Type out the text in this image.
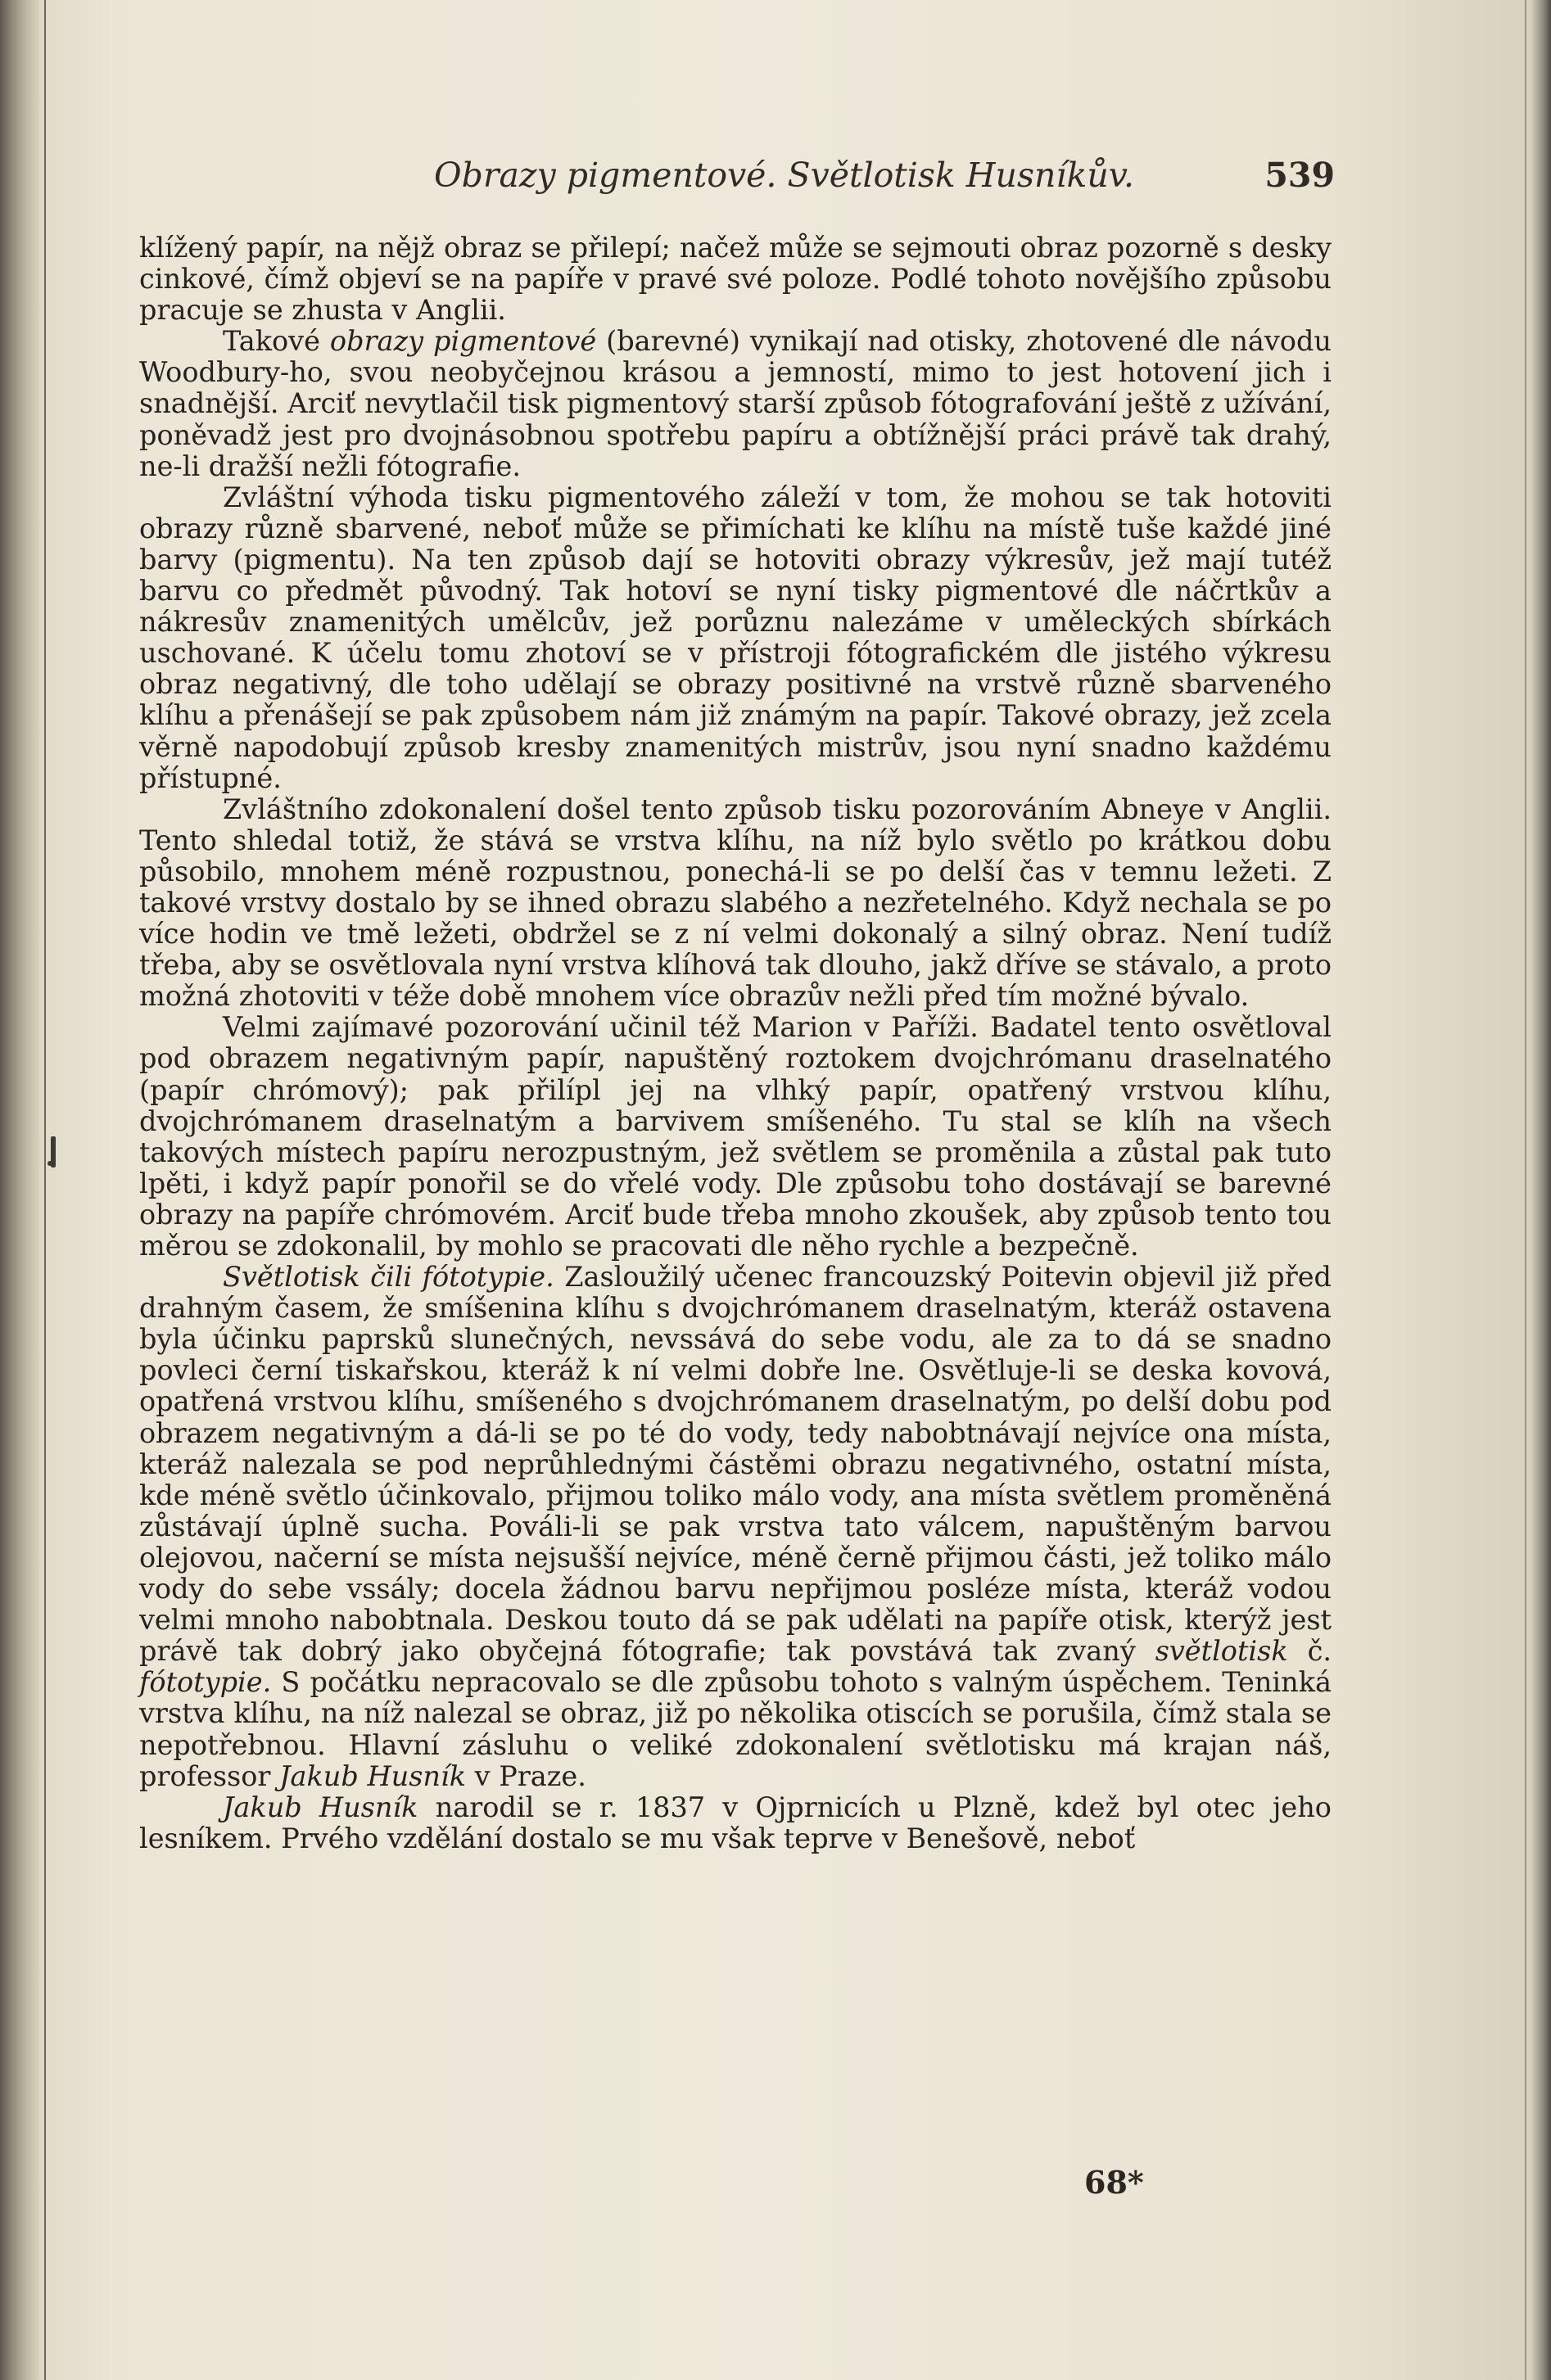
Obrazy pigmentové. Světlotisk Husníkův.	539

klížený papír, na nějž obraz se přilepí; načež může se sejmouti obraz pozorně s desky cinkové, čímž objeví se na papíře v pravé své poloze. Podlé tohoto novějšího způsobu pracuje se zhusta v Anglii.

Takové obrazy pigmentové (barevné) vynikají nad otisky, zhotovené dle návodu Woodbury-ho, svou neobyčejnou krásou a jemností, mimo to jest hotovení jich i snadnější. Arciť nevytlačil tisk pigmentový starší způsob fótografování ještě z užívání, poněvadž jest pro dvojnásobnou spotřebu papíru a obtížnější práci právě tak drahý, ne-li dražší nežli fótografie.

Zvláštní výhoda tisku pigmentového záleží v tom, že mohou se tak hotoviti obrazy různě sbarvené, neboť může se přimíchati ke klíhu na místě tuše každé jiné barvy (pigmentu). Na ten způsob dají se hotoviti obrazy výkresův, jež mají tutéž barvu co předmět původný. Tak hotoví se nyní tisky pigmentové dle náčrtkův a nákresův znamenitých umělcův, jež porůznu nalezáme v uměleckých sbírkách uschované. K účelu tomu zhotoví se v přístroji fótografickém dle jistého výkresu obraz negativný, dle toho udělají se obrazy positivné na vrstvě různě sbarveného klíhu a přenášejí se pak způsobem nám již známým na papír. Takové obrazy, jež zcela věrně napodobují způsob kresby znamenitých mistrův, jsou nyní snadno každému přístupné.

Zvláštního zdokonalení došel tento způsob tisku pozorováním Abneye v Anglii. Tento shledal totiž, že stává se vrstva klíhu, na níž bylo světlo po krátkou dobu působilo, mnohem méně rozpustnou, ponechá-li se po delší čas v temnu ležeti. Z takové vrstvy dostalo by se ihned obrazu slabého a nezřetelného. Když nechala se po více hodin ve tmě ležeti, obdržel se z ní velmi dokonalý a silný obraz. Není tudíž třeba, aby se osvětlovala nyní vrstva klíhová tak dlouho, jakž dříve se stávalo, a proto možná zhotoviti v téže době mnohem více obrazův nežli před tím možné bývalo.

Velmi zajímavé pozorování učinil též Marion v Paříži. Badatel tento osvětloval pod obrazem negativným papír, napuštěný roztokem dvojchrómanu draselnatého (papír chrómový); pak přilípl jej na vlhký papír, opatřený vrstvou klíhu, dvojchrómanem draselnatým a barvivem smíšeného. Tu stal se klíh na všech takových místech papíru nerozpustným, jež světlem se proměnila a zůstal pak tuto lpěti, i když papír ponořil se do vřelé vody. Dle způsobu toho dostávají se barevné obrazy na papíře chrómovém. Arciť bude třeba mnoho zkoušek, aby způsob tento tou měrou se zdokonalil, by mohlo se pracovati dle něho rychle a bezpečně.

Světlotisk čili fótotypie. Zasloužilý učenec francouzský Poitevin objevil již před drahným časem, že smíšenina klíhu s dvojchrómanem draselnatým, kteráž ostavena byla účinku paprsků slunečných, nevssává do sebe vodu, ale za to dá se snadno povleci černí tiskařskou, kteráž k ní velmi dobře lne. Osvětluje-li se deska kovová, opatřená vrstvou klíhu, smíšeného s dvojchrómanem draselnatým, po delší dobu pod obrazem negativným a dá-li se po té do vody, tedy nabobtnávají nejvíce ona místa, kteráž nalezala se pod neprůhlednými částěmi obrazu negativného, ostatní místa, kde méně světlo účinkovalo, přijmou toliko málo vody, ana místa světlem proměněná zůstávají úplně sucha. Pováli-li se pak vrstva tato válcem, napuštěným barvou olejovou, načerní se místa nejsušší nejvíce, méně černě přijmou části, jež toliko málo vody do sebe vssály; docela žádnou barvu nepřijmou posléze místa, kteráž vodou velmi mnoho nabobtnala. Deskou touto dá se pak udělati na papíře otisk, kterýž jest právě tak dobrý jako obyčejná fótografie; tak povstává tak zvaný světlotisk č. fótotypie. S počátku nepracovalo se dle způsobu tohoto s valným úspěchem. Teninká vrstva klíhu, na níž nalezal se obraz, již po několika otiscích se porušila, čímž stala se nepotřebnou. Hlavní zásluhu o veliké zdokonalení světlotisku má krajan náš, professor Jakub Husník v Praze.

Jakub Husník narodil se r. 1837 v Ojprnicích u Plzně, kdež byl otec jeho lesníkem. Prvého vzdělání dostalo se mu však teprve v Benešově, neboť

68*
